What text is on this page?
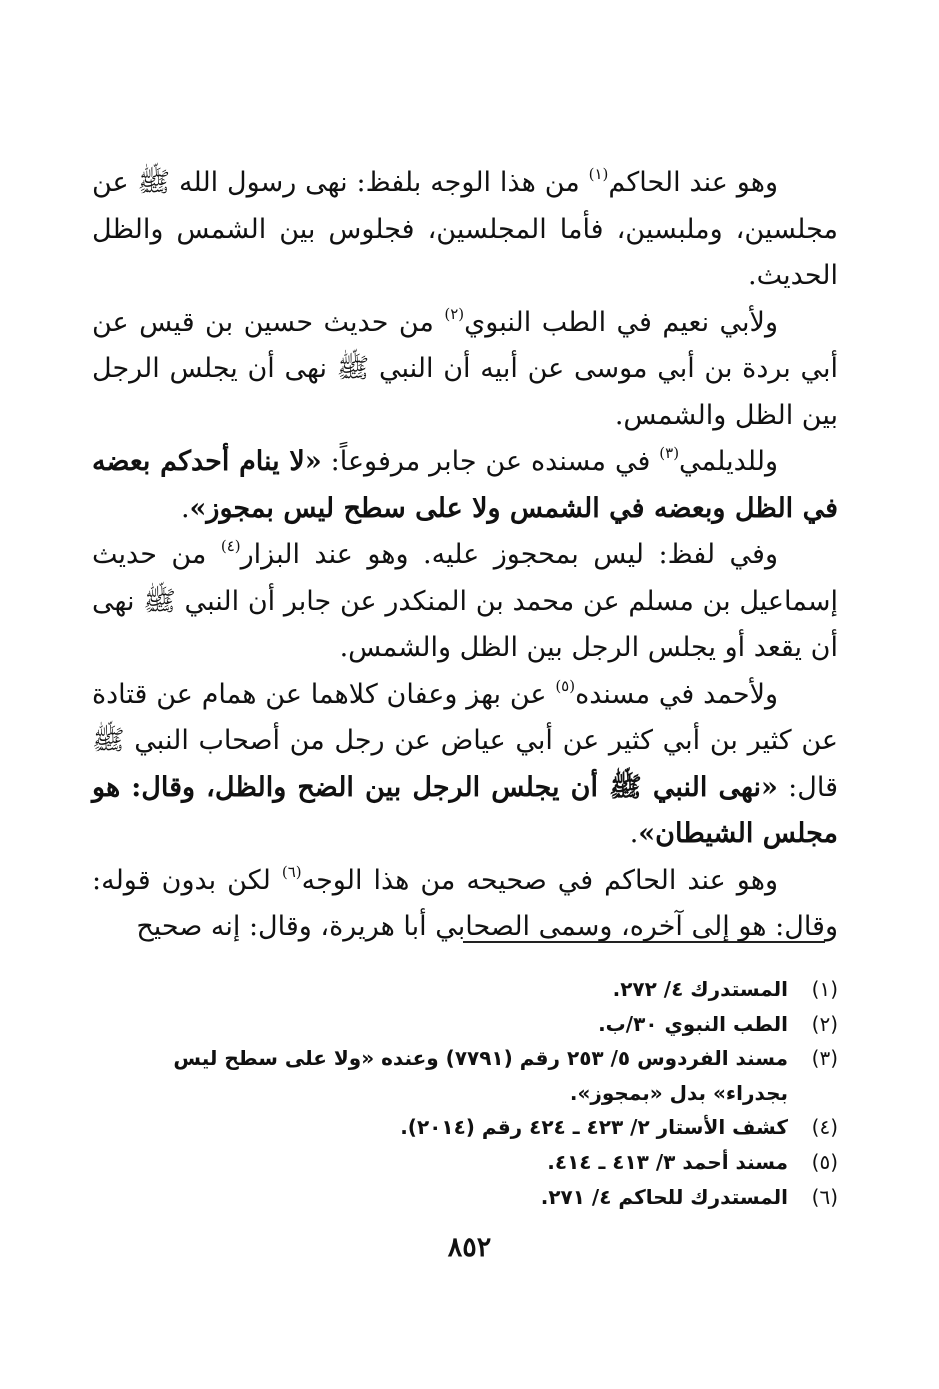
وهو عند الحاكم$^{(١)}$ من هذا الوجه بلفظ: نهى رسول الله ﷺ عن مجلسين، وملبسين، فأما المجلسين، فجلوس بين الشمس والظل الحديث.

ولأبي نعيم في الطب النبوي$^{(٢)}$ من حديث حسين بن قيس عن أبي بردة بن أبي موسى عن أبيه أن النبي ﷺ نهى أن يجلس الرجل بين الظل والشمس.

وللديلمي$^{(٣)}$ في مسنده عن جابر مرفوعاً: «لا ينام أحدكم بعضه في الظل وبعضه في الشمس ولا على سطح ليس بمجوز».

وفي لفظ: ليس بمحجوز عليه. وهو عند البزار$^{(٤)}$ من حديث إسماعيل بن مسلم عن محمد بن المنكدر عن جابر أن النبي ﷺ نهى أن يقعد أو يجلس الرجل بين الظل والشمس.

ولأحمد في مسنده$^{(٥)}$ عن بهز وعفان كلاهما عن همام عن قتادة عن كثير بن أبي كثير عن أبي عياض عن رجل من أصحاب النبي ﷺ قال: «نهى النبي ﷺ أن يجلس الرجل بين الضح والظل، وقال: هو مجلس الشيطان».

وهو عند الحاكم في صحيحه من هذا الوجه$^{(٦)}$ لكن بدون قوله: وقال: هو إلى آخره، وسمى الصحابي أبا هريرة، وقال: إنه صحيح

(١)
المستدرك ٤/ ٢٧٢.
(٢)
الطب النبوي ٣٠/ب.
(٣)
مسند الفردوس ٥/ ٢٥٣ رقم (٧٧٩١) وعنده «ولا على سطح ليس بجدراء» بدل «بمجوز».
(٤)
كشف الأستار ٢/ ٤٢٣ ـ ٤٢٤ رقم (٢٠١٤).
(٥)
مسند أحمد ٣/ ٤١٣ ـ ٤١٤.
(٦)
المستدرك للحاكم ٤/ ٢٧١.
٨٥٢
